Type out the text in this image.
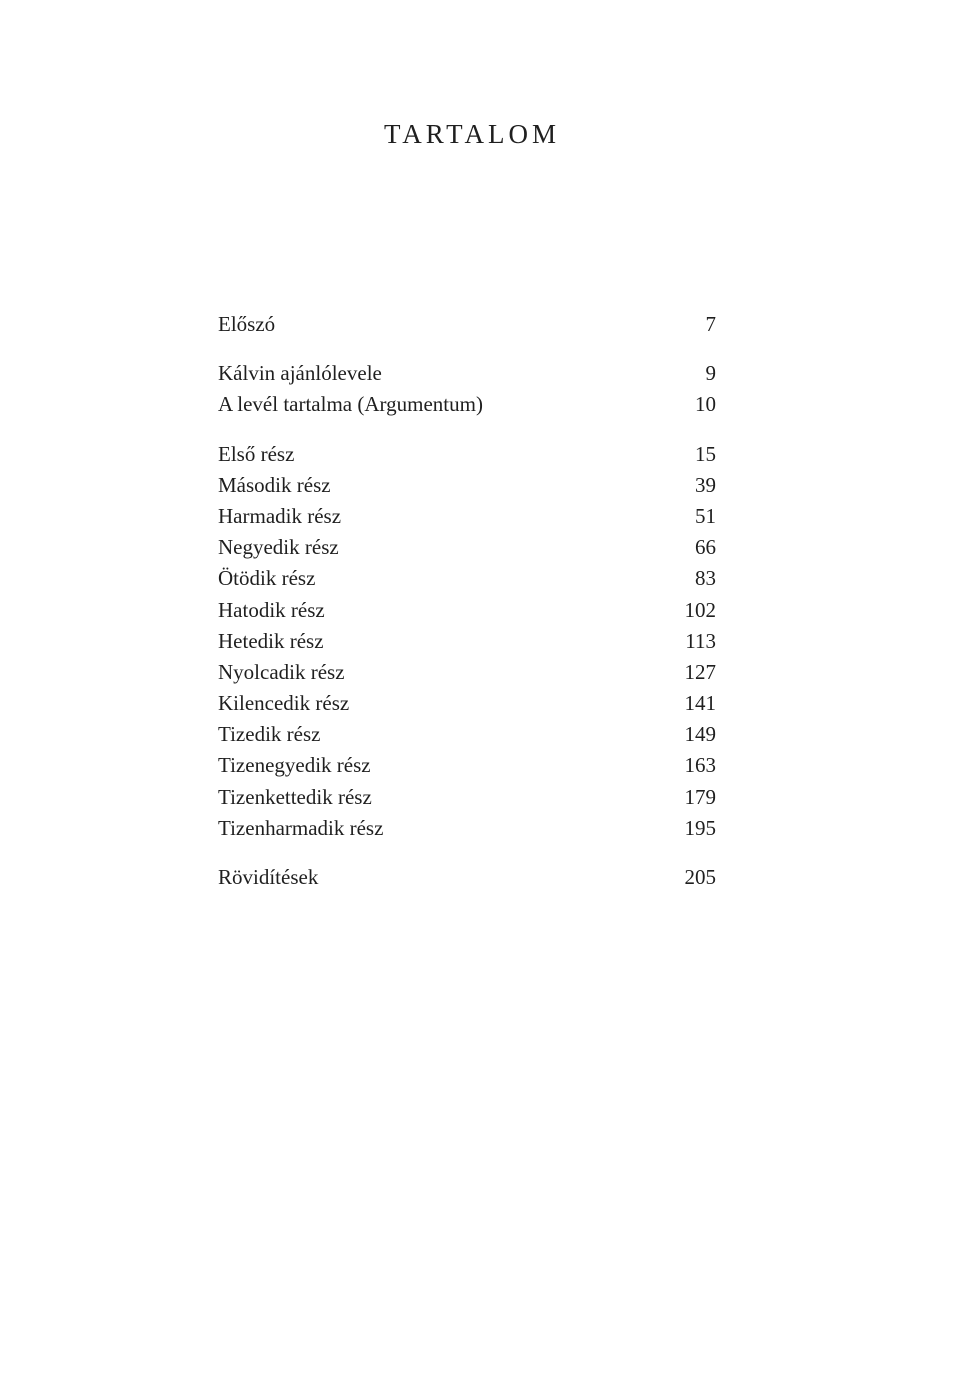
TARTALOM
Előszó	7
Kálvin ajánlólevele	9
A levél tartalma (Argumentum)	10
Első rész	15
Második rész	39
Harmadik rész	51
Negyedik rész	66
Ötödik rész	83
Hatodik rész	102
Hetedik rész	113
Nyolcadik rész	127
Kilencedik rész	141
Tizedik rész	149
Tizenegyedik rész	163
Tizenkettedik rész	179
Tizenharmadik rész	195
Rövidítések	205
